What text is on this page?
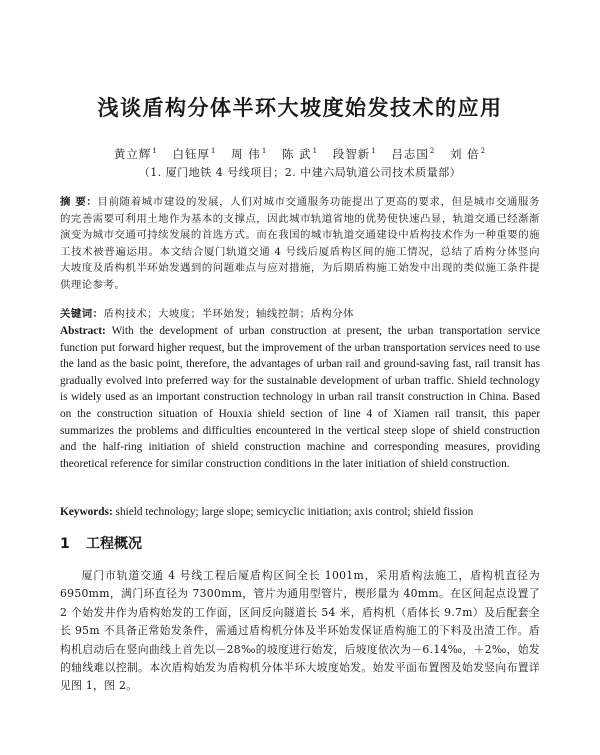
浅谈盾构分体半环大坡度始发技术的应用
黄立辉$^1$ 白钰厚$^1$ 周 伟$^1$ 陈 武$^1$ 段智新$^1$ 吕志国$^2$ 刘 倍$^2$
（1. 厦门地铁 4 号线项目；2. 中建六局轨道公司技术质量部）
摘 要：目前随着城市建设的发展，人们对城市交通服务功能提出了更高的要求，但是城市交通服务的完善需要可利用土地作为基本的支撑点，因此城市轨道省地的优势使快速凸显，轨道交通已经渐渐演变为城市交通可持续发展的首选方式。而在我国的城市轨道交通建设中盾构技术作为一种重要的施工技术被普遍运用。本文结合厦门轨道交通 4 号线后厦盾构区间的施工情况，总结了盾构分体竖向大坡度及盾构机半环始发遇到的问题难点与应对措施，为后期盾构施工始发中出现的类似施工条件提供理论参考。
关键词：盾构技术；大坡度；半环始发；轴线控制；盾构分体
Abstract: With the development of urban construction at present, the urban transportation service function put forward higher request, but the improvement of the urban transportation services need to use the land as the basic point, therefore, the advantages of urban rail and ground-saving fast, rail transit has gradually evolved into preferred way for the sustainable development of urban traffic. Shield technology is widely used as an important construction technology in urban rail transit construction in China. Based on the construction situation of Houxia shield section of line 4 of Xiamen rail transit, this paper summarizes the problems and difficulties encountered in the vertical steep slope of shield construction and the half-ring initiation of shield construction machine and corresponding measures, providing theoretical reference for similar construction conditions in the later initiation of shield construction.
Keywords: shield technology; large slope; semicyclic initiation; axis control; shield fission
1 工程概况
厦门市轨道交通 4 号线工程后厦盾构区间全长 1001m，采用盾构法施工，盾构机直径为 6950mm，满门环直径为 7300mm，管片为通用型管片，楔形量为 40mm。在区间起点设置了 2 个始发井作为盾构始发的工作面，区间反向隧道长 54 米，盾构机（盾体长 9.7m）及后配套全长 95m 不具备正常始发条件，需通过盾构机分体及半环始发保证盾构施工的下料及出渣工作。盾构机启动后在竖向曲线上首先以－28‰的坡度进行始发，后坡度依次为－6.14‰，＋2‰，始发的轴线难以控制。本次盾构始发为盾构机分体半环大坡度始发。始发平面布置图及始发竖向布置详见图 1，图 2。
